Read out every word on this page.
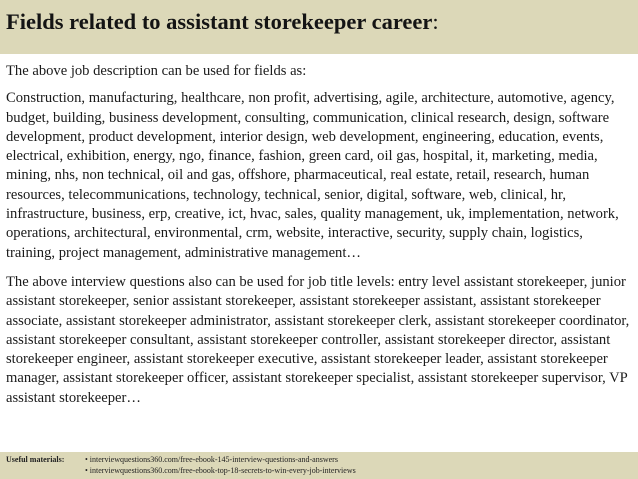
Fields related to assistant storekeeper career:

The above job description can be used for fields as:

Construction, manufacturing, healthcare, non profit, advertising, agile, architecture, automotive, agency, budget, building, business development, consulting, communication, clinical research, design, software development, product development, interior design, web development, engineering, education, events, electrical, exhibition, energy, ngo, finance, fashion, green card, oil gas, hospital, it, marketing, media, mining, nhs, non technical, oil and gas, offshore, pharmaceutical, real estate, retail, research, human resources, telecommunications, technology, technical, senior, digital, software, web, clinical, hr, infrastructure, business, erp, creative, ict, hvac, sales, quality management, uk, implementation, network, operations, architectural, environmental, crm, website, interactive, security, supply chain, logistics, training, project management, administrative management…

The above interview questions also can be used for job title levels: entry level assistant storekeeper, junior assistant storekeeper, senior assistant storekeeper, assistant storekeeper assistant, assistant storekeeper associate, assistant storekeeper administrator, assistant storekeeper clerk, assistant storekeeper coordinator, assistant storekeeper consultant, assistant storekeeper controller, assistant storekeeper director, assistant storekeeper engineer, assistant storekeeper executive, assistant storekeeper leader, assistant storekeeper manager, assistant storekeeper officer, assistant storekeeper specialist, assistant storekeeper supervisor, VP assistant storekeeper…

Useful materials:	• interviewquestions360.com/free-ebook-145-interview-questions-and-answers
• interviewquestions360.com/free-ebook-top-18-secrets-to-win-every-job-interviews
